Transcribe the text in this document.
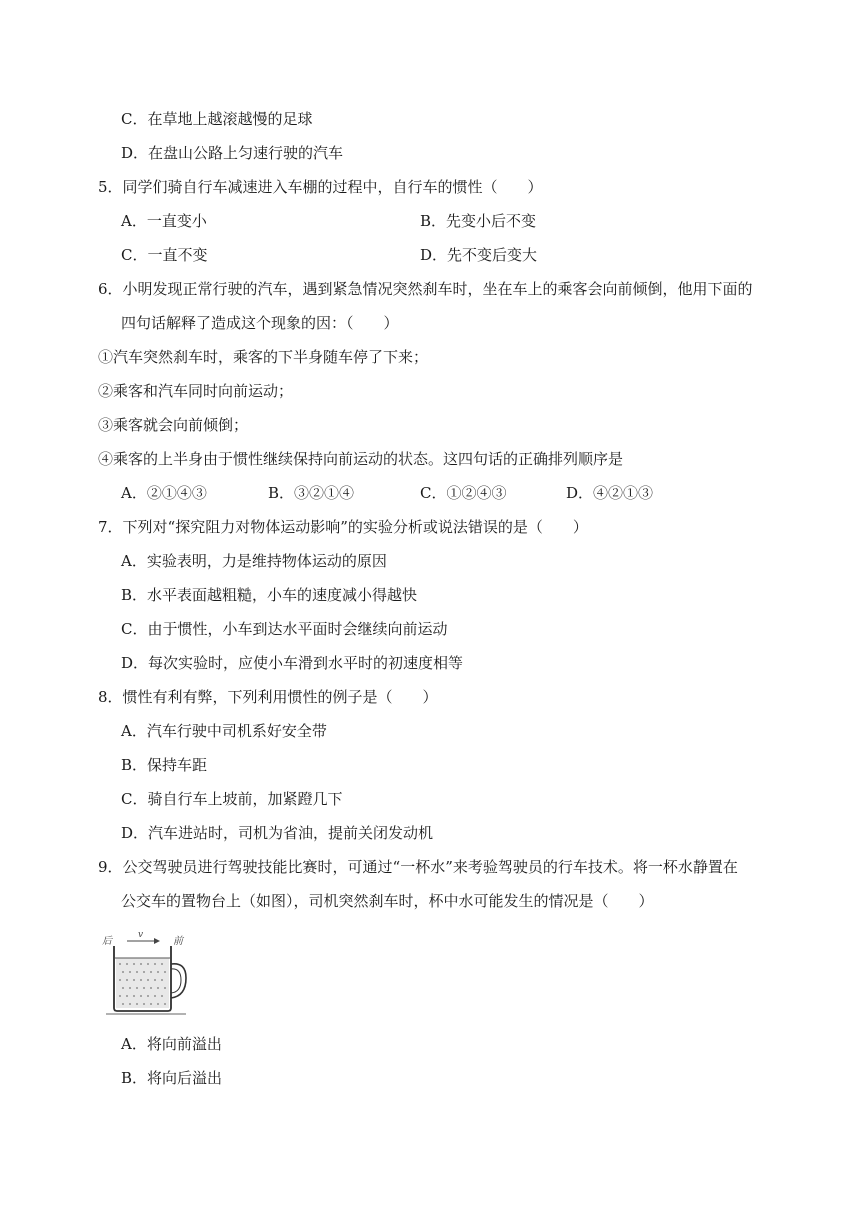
C．在草地上越滚越慢的足球
D．在盘山公路上匀速行驶的汽车
5．同学们骑自行车减速进入车棚的过程中，自行车的惯性（　　）
A．一直变小	B．先变小后不变
C．一直不变	D．先不变后变大
6．小明发现正常行驶的汽车，遇到紧急情况突然刹车时，坐在车上的乘客会向前倾倒，他用下面的
四句话解释了造成这个现象的因：（　　）
①汽车突然刹车时，乘客的下半身随车停了下来；
②乘客和汽车同时向前运动；
③乘客就会向前倾倒；
④乘客的上半身由于惯性继续保持向前运动的状态。这四句话的正确排列顺序是
A．②①④③	B．③②①④	C．①②④③	D．④②①③
7．下列对“探究阻力对物体运动影响”的实验分析或说法错误的是（　　）
A．实验表明，力是维持物体运动的原因
B．水平表面越粗糙，小车的速度减小得越快
C．由于惯性，小车到达水平面时会继续向前运动
D．每次实验时，应使小车滑到水平时的初速度相等
8．惯性有利有弊，下列利用惯性的例子是（　　）
A．汽车行驶中司机系好安全带
B．保持车距
C．骑自行车上坡前，加紧蹬几下
D．汽车进站时，司机为省油，提前关闭发动机
9．公交驾驶员进行驾驶技能比赛时，可通过“一杯水”来考验驾驶员的行车技术。将一杯水静置在
公交车的置物台上（如图），司机突然刹车时，杯中水可能发生的情况是（　　）
后	前
v
A．将向前溢出
B．将向后溢出
